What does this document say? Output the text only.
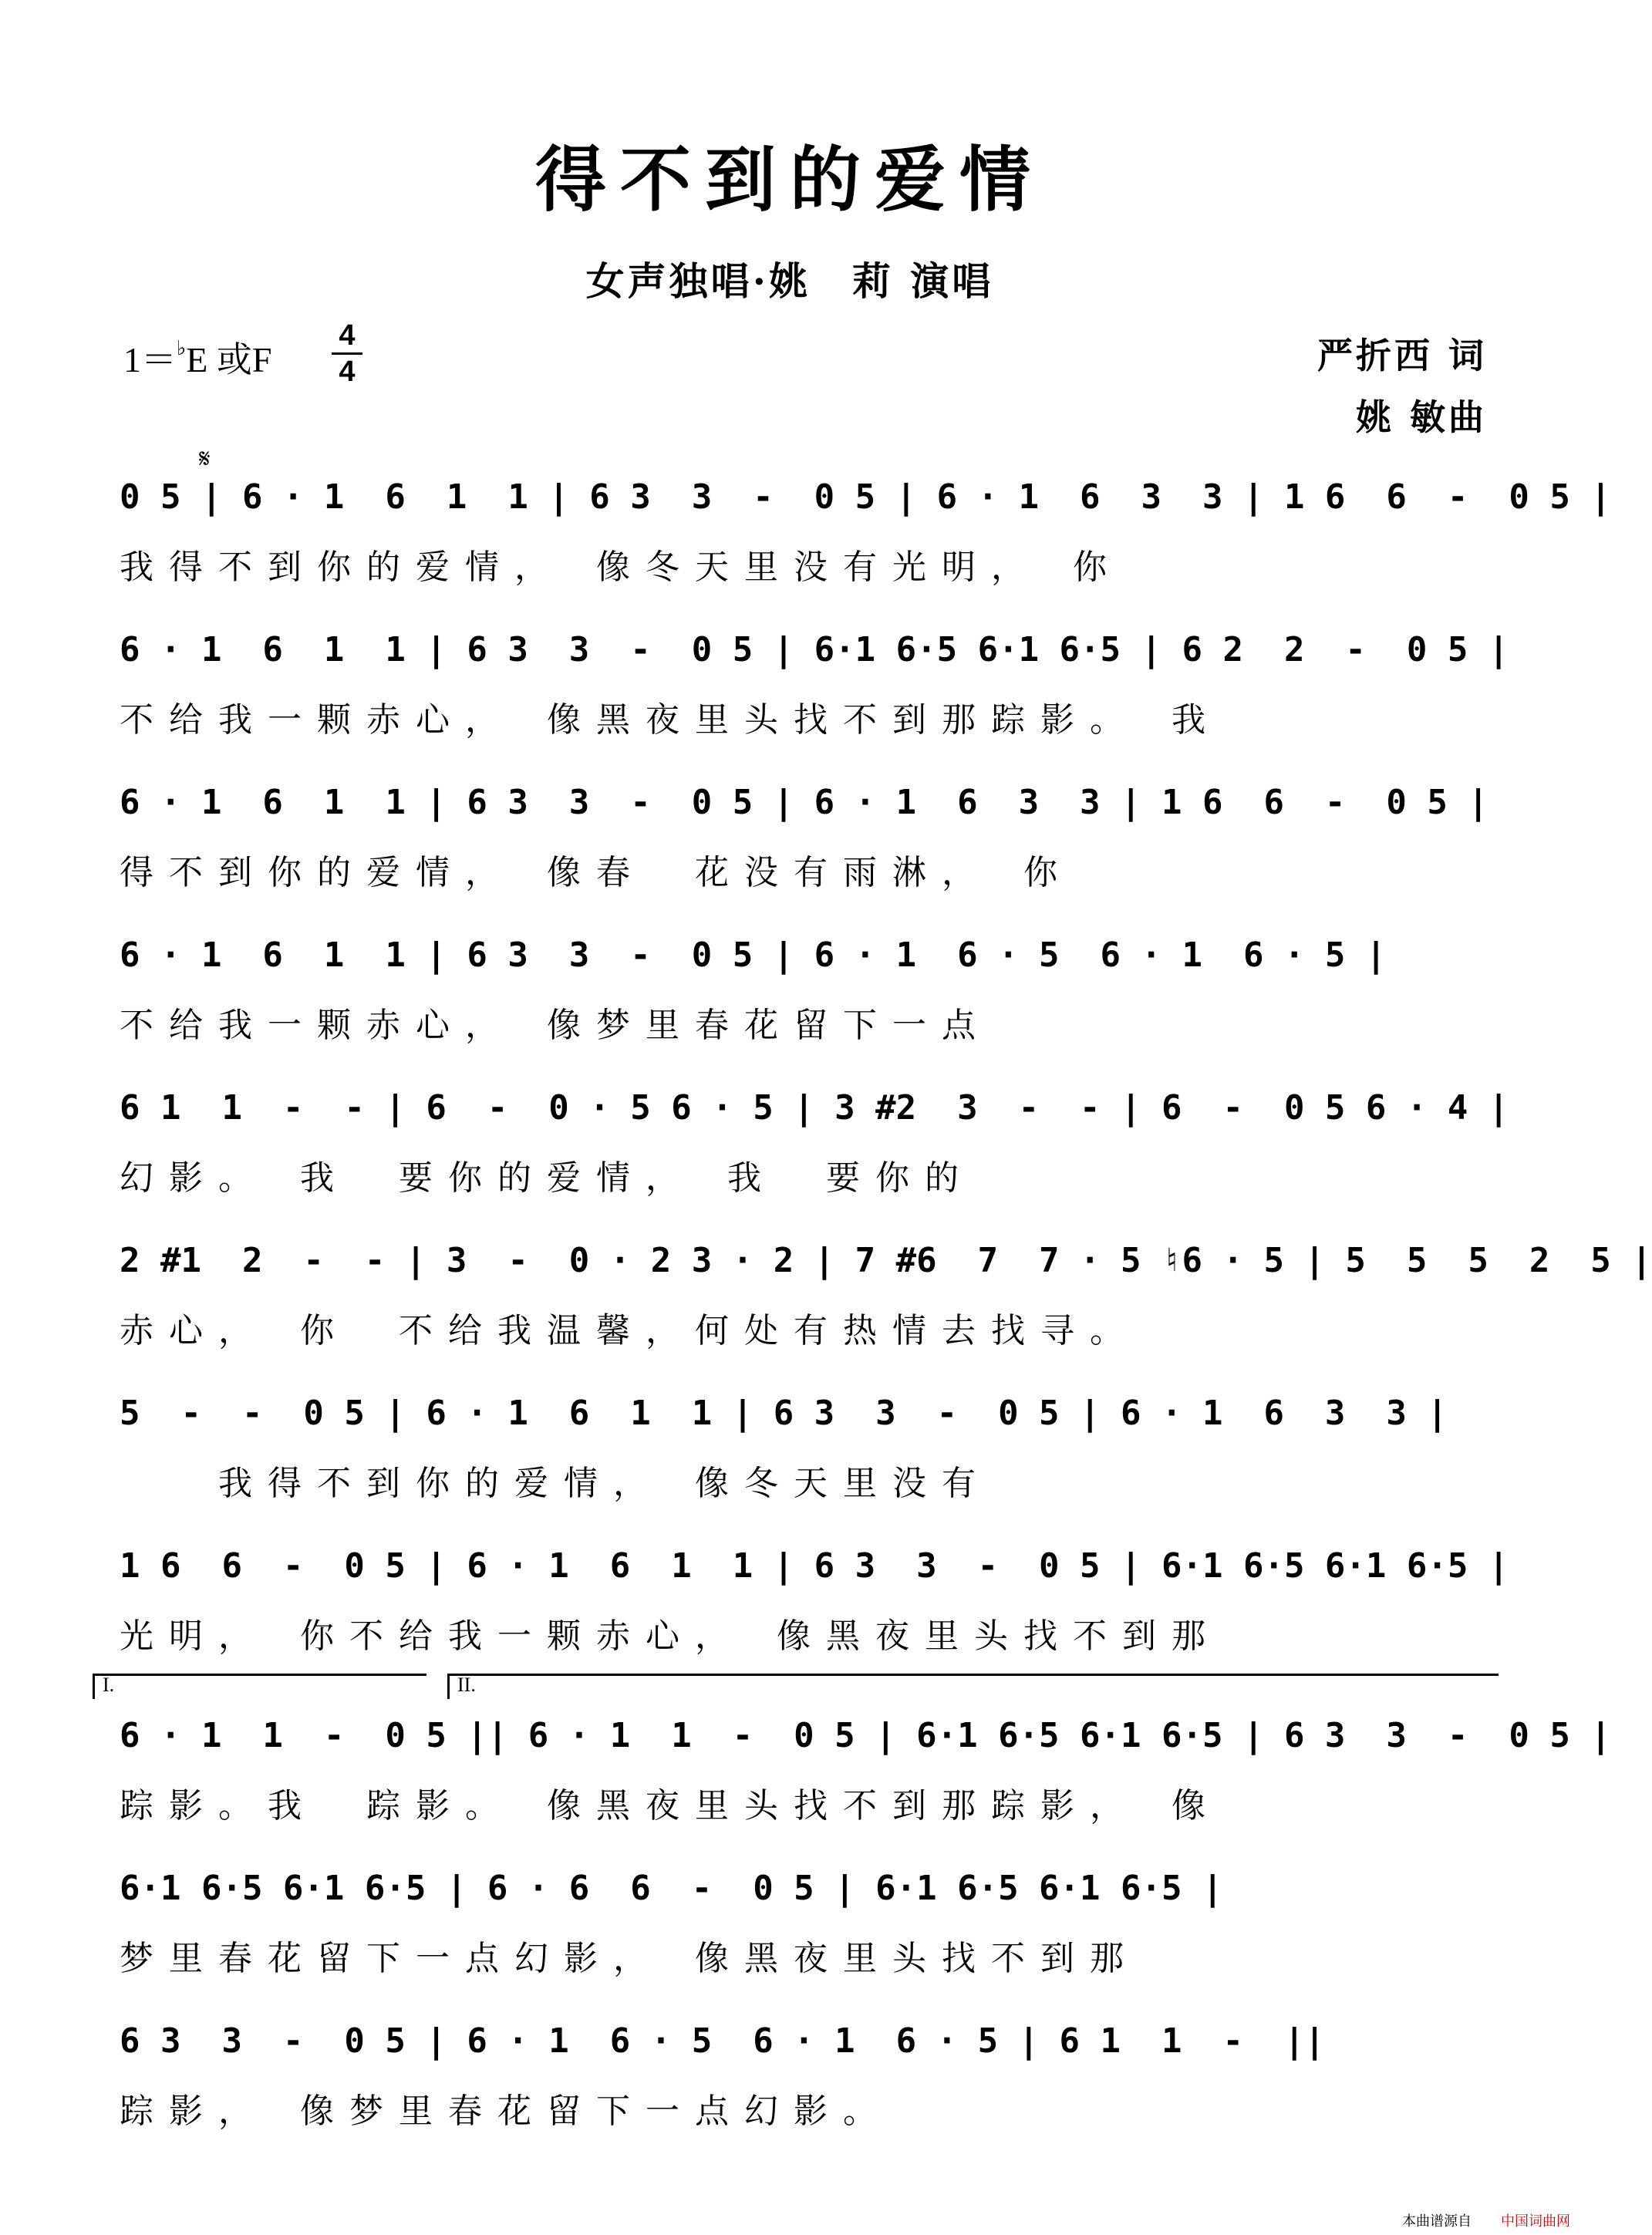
得不到的爱情
女声独唱·姚　莉 演唱
1＝♭E 或F
4
4	严折西 词
姚 敏曲
𝄋
0 5 | 6 · 1  6  1  1 | 6 3  3  -  0 5 | 6 · 1  6  3  3 | 1 6  6  -  0 5 |
我得不到你的爱情，　像冬天里没有光明，　你
6 · 1  6  1  1 | 6 3  3  -  0 5 | 6·1 6·5 6·1 6·5 | 6 2  2  -  0 5 |
不给我一颗赤心，　像黑夜里头找不到那踪影。　我
6 · 1  6  1  1 | 6 3  3  -  0 5 | 6 · 1  6  3  3 | 1 6  6  -  0 5 |
得不到你的爱情，　像春　花没有雨淋，　你
6 · 1  6  1  1 | 6 3  3  -  0 5 | 6 · 1  6 · 5  6 · 1  6 · 5 |
不给我一颗赤心，　像梦里春花留下一点
6 1  1  -  - | 6  -  0 · 5 6 · 5 | 3 #2  3  -  - | 6  -  0 5 6 · 4 |
幻影。　我　要你的爱情，　我　要你的
2 #1  2  -  - | 3  -  0 · 2 3 · 2 | 7 #6  7  7 · 5 ♮6 · 5 | 5  5  5  2  5 |
赤心，　你　不给我温馨，何处有热情去找寻。
5  -  -  0 5 | 6 · 1  6  1  1 | 6 3  3  -  0 5 | 6 · 1  6  3  3 |
　　我得不到你的爱情，　像冬天里没有
1 6  6  -  0 5 | 6 · 1  6  1  1 | 6 3  3  -  0 5 | 6·1 6·5 6·1 6·5 |
光明，　你不给我一颗赤心，　像黑夜里头找不到那
6 · 1  1  -  0 5 || 6 · 1  1  -  0 5 | 6·1 6·5 6·1 6·5 | 6 3  3  -  0 5 |
踪影。我　踪影。　像黑夜里头找不到那踪影，　像
6·1 6·5 6·1 6·5 | 6 · 6  6  -  0 5 | 6·1 6·5 6·1 6·5 |
梦里春花留下一点幻影，　像黑夜里头找不到那
6 3  3  -  0 5 | 6 · 1  6 · 5  6 · 1  6 · 5 | 6 1  1  -  ||
踪影，　像梦里春花留下一点幻影。
I.	II.
本曲谱源自 中国词曲网
